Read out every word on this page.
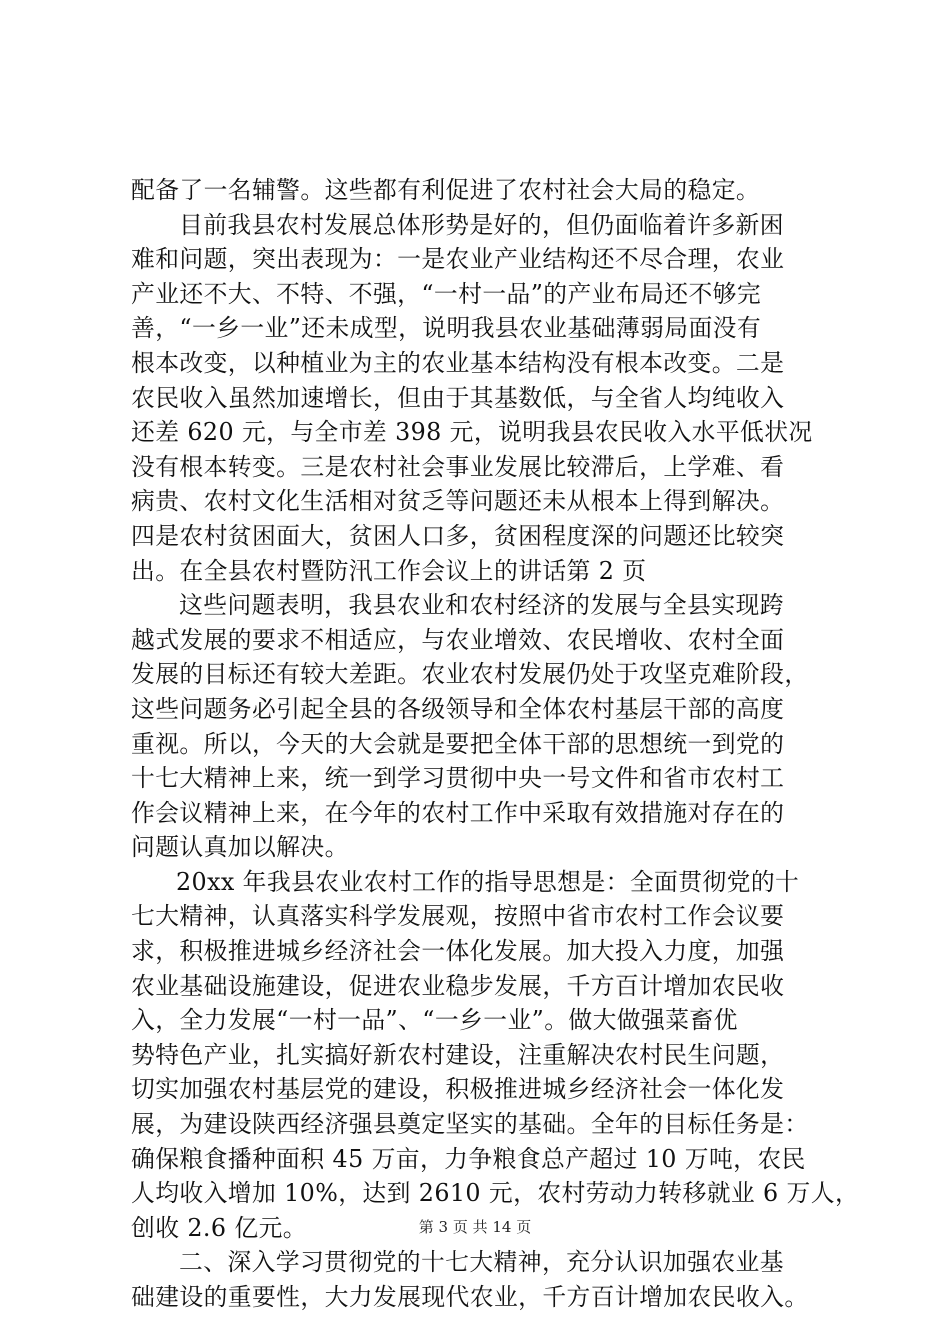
配备了一名辅警。这些都有利促进了农村社会大局的稳定。
目前我县农村发展总体形势是好的，但仍面临着许多新困
难和问题，突出表现为：一是农业产业结构还不尽合理，农业
产业还不大、不特、不强，“一村一品”的产业布局还不够完
善，“一乡一业”还未成型，说明我县农业基础薄弱局面没有
根本改变，以种植业为主的农业基本结构没有根本改变。二是
农民收入虽然加速增长，但由于其基数低，与全省人均纯收入
还差 620 元，与全市差 398 元，说明我县农民收入水平低状况
没有根本转变。三是农村社会事业发展比较滞后，上学难、看
病贵、农村文化生活相对贫乏等问题还未从根本上得到解决。
四是农村贫困面大，贫困人口多，贫困程度深的问题还比较突
出。在全县农村暨防汛工作会议上的讲话第 2 页
这些问题表明，我县农业和农村经济的发展与全县实现跨
越式发展的要求不相适应，与农业增效、农民增收、农村全面
发展的目标还有较大差距。农业农村发展仍处于攻坚克难阶段，
这些问题务必引起全县的各级领导和全体农村基层干部的高度
重视。所以，今天的大会就是要把全体干部的思想统一到党的
十七大精神上来，统一到学习贯彻中央一号文件和省市农村工
作会议精神上来，在今年的农村工作中采取有效措施对存在的
问题认真加以解决。
20xx 年我县农业农村工作的指导思想是：全面贯彻党的十
七大精神，认真落实科学发展观，按照中省市农村工作会议要
求，积极推进城乡经济社会一体化发展。加大投入力度，加强
农业基础设施建设，促进农业稳步发展，千方百计增加农民收
入，全力发展“一村一品”、“一乡一业”。做大做强菜畜优
势特色产业，扎实搞好新农村建设，注重解决农村民生问题，
切实加强农村基层党的建设，积极推进城乡经济社会一体化发
展，为建设陕西经济强县奠定坚实的基础。全年的目标任务是：
确保粮食播种面积 45 万亩，力争粮食总产超过 10 万吨，农民
人均收入增加 10%，达到 2610 元，农村劳动力转移就业 6 万人，
创收 2.6 亿元。
二、深入学习贯彻党的十七大精神，充分认识加强农业基
础建设的重要性，大力发展现代农业，千方百计增加农民收入。
第 3 页 共 14 页
